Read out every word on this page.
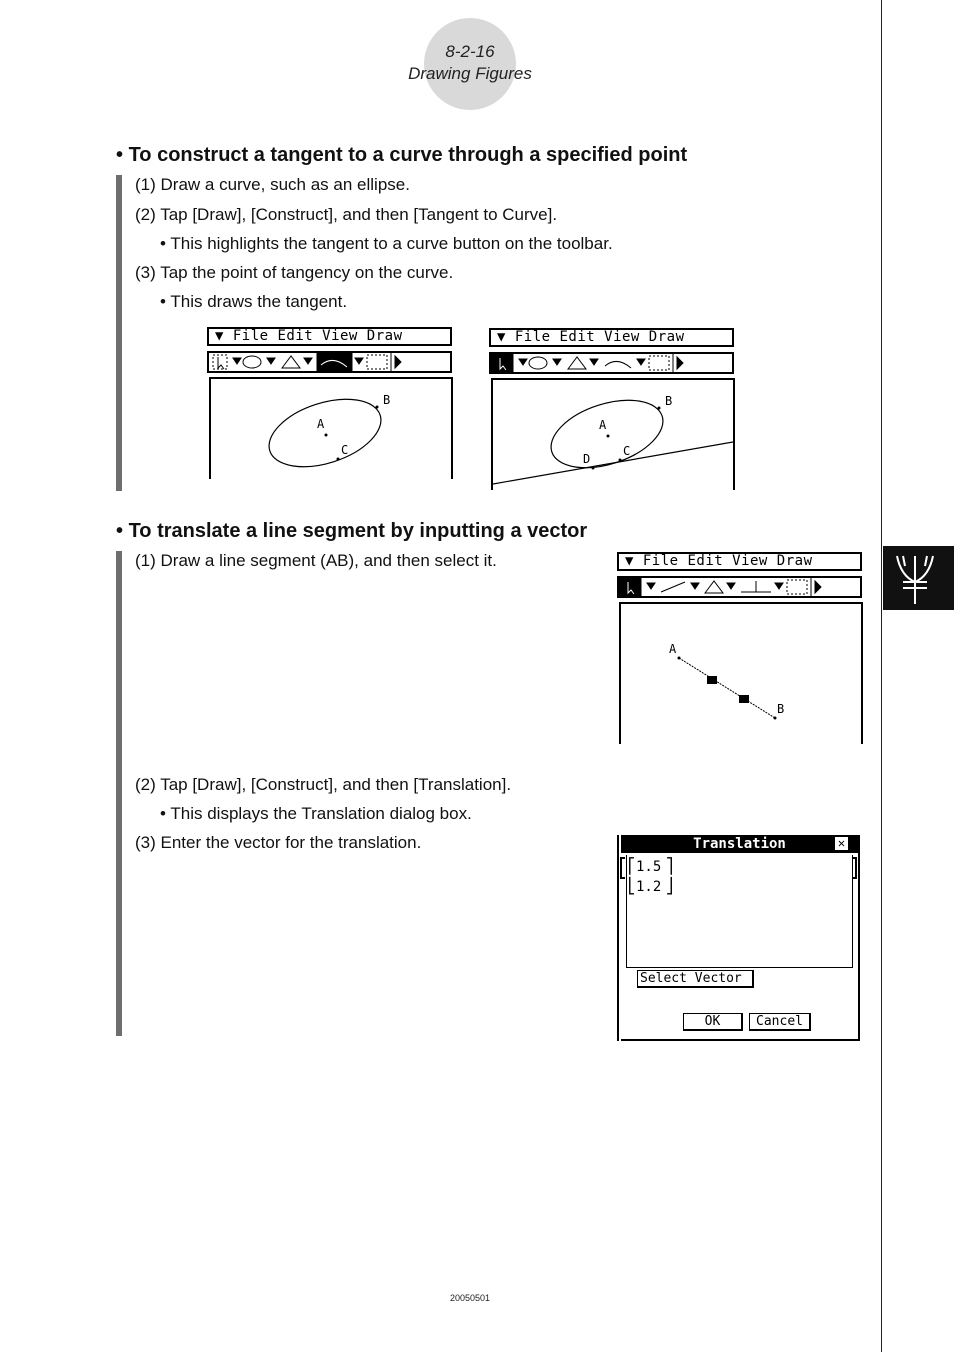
8-2-16
Drawing Figures
• To construct a tangent to a curve through a specified point
(1) Draw a curve, such as an ellipse.
(2) Tap [Draw], [Construct], and then [Tangent to Curve].
• This highlights the tangent to a curve button on the toolbar.
(3) Tap the point of tangency on the curve.
• This draws the tangent.
▼ File Edit View Draw
A
B
C
▼ File Edit View Draw
A
B
C
D
• To translate a line segment by inputting a vector
(1) Draw a line segment (AB), and then select it.
(2) Tap [Draw], [Construct], and then [Translation].
• This displays the Translation dialog box.
(3) Enter the vector for the translation.
▼ File Edit View Draw
A
B
Translation	✕
⎡
⎣
1.5
1.2
⎤
⎦
Select Vector
OK	Cancel
20050501
